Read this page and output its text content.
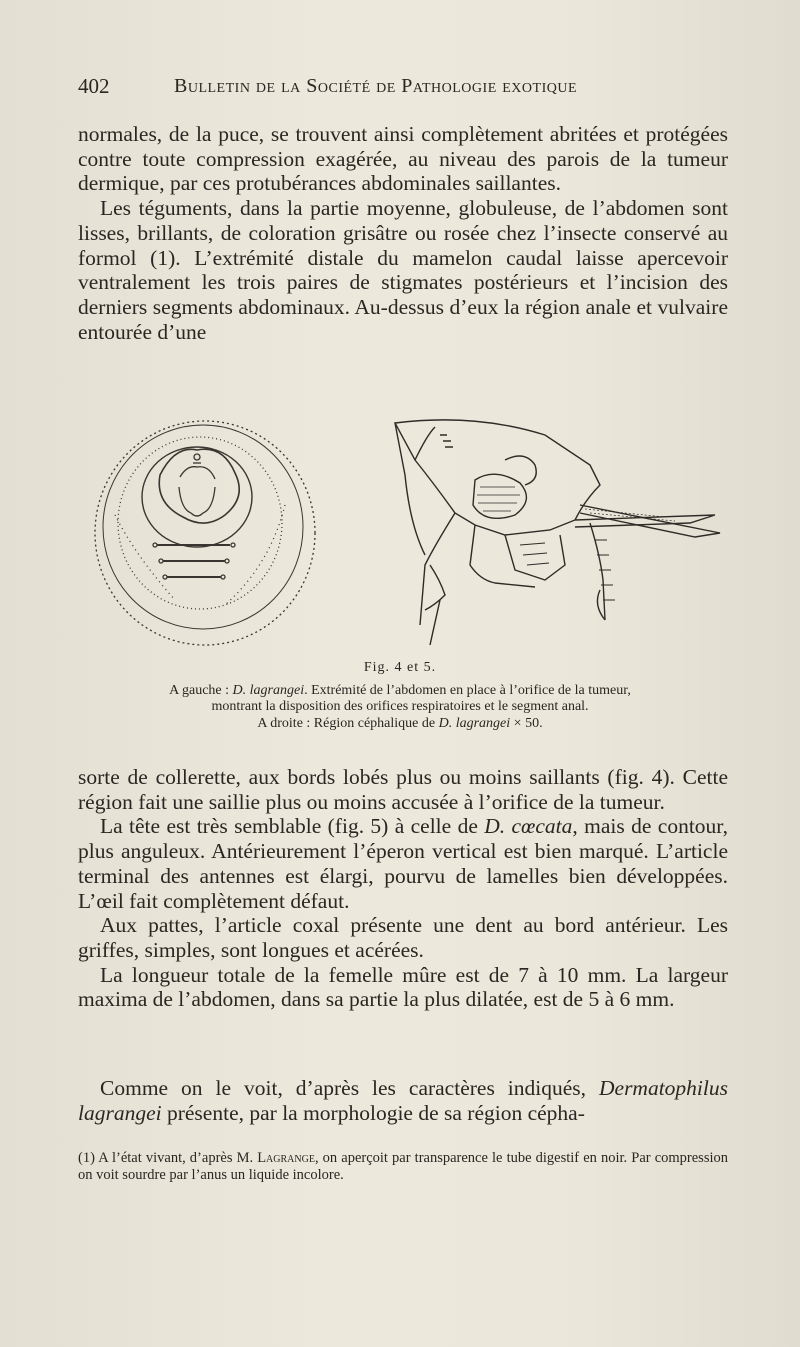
402	Bulletin de la Société de Pathologie exotique

normales, de la puce, se trouvent ainsi complètement abritées et protégées contre toute compression exagérée, au niveau des parois de la tumeur dermique, par ces protubérances abdominales saillantes.

Les téguments, dans la partie moyenne, globuleuse, de l’abdomen sont lisses, brillants, de coloration grisâtre ou rosée chez l’insecte conservé au formol (1). L’extrémité distale du mamelon caudal laisse apercevoir ventralement les trois paires de stigmates postérieurs et l’incision des derniers segments abdominaux. Au-dessus d’eux la région anale et vulvaire entourée d’une

Fig. 4 et 5.
A gauche : D. lagrangei. Extrémité de l’abdomen en place à l’orifice de la tumeur,
montrant la disposition des orifices respiratoires et le segment anal.
A droite : Région céphalique de D. lagrangei × 50.

sorte de collerette, aux bords lobés plus ou moins saillants (fig. 4). Cette région fait une saillie plus ou moins accusée à l’orifice de la tumeur.

La tête est très semblable (fig. 5) à celle de D. cœcata, mais de contour, plus anguleux. Antérieurement l’éperon vertical est bien marqué. L’article terminal des antennes est élargi, pourvu de lamelles bien développées. L’œil fait complètement défaut.

Aux pattes, l’article coxal présente une dent au bord antérieur. Les griffes, simples, sont longues et acérées.

La longueur totale de la femelle mûre est de 7 à 10 mm. La largeur maxima de l’abdomen, dans sa partie la plus dilatée, est de 5 à 6 mm.

Comme on le voit, d’après les caractères indiqués, Dermatophilus lagrangei présente, par la morphologie de sa région cépha-

(1) A l’état vivant, d’après M. Lagrange, on aperçoit par transparence le tube digestif en noir. Par compression on voit sourdre par l’anus un liquide incolore.
